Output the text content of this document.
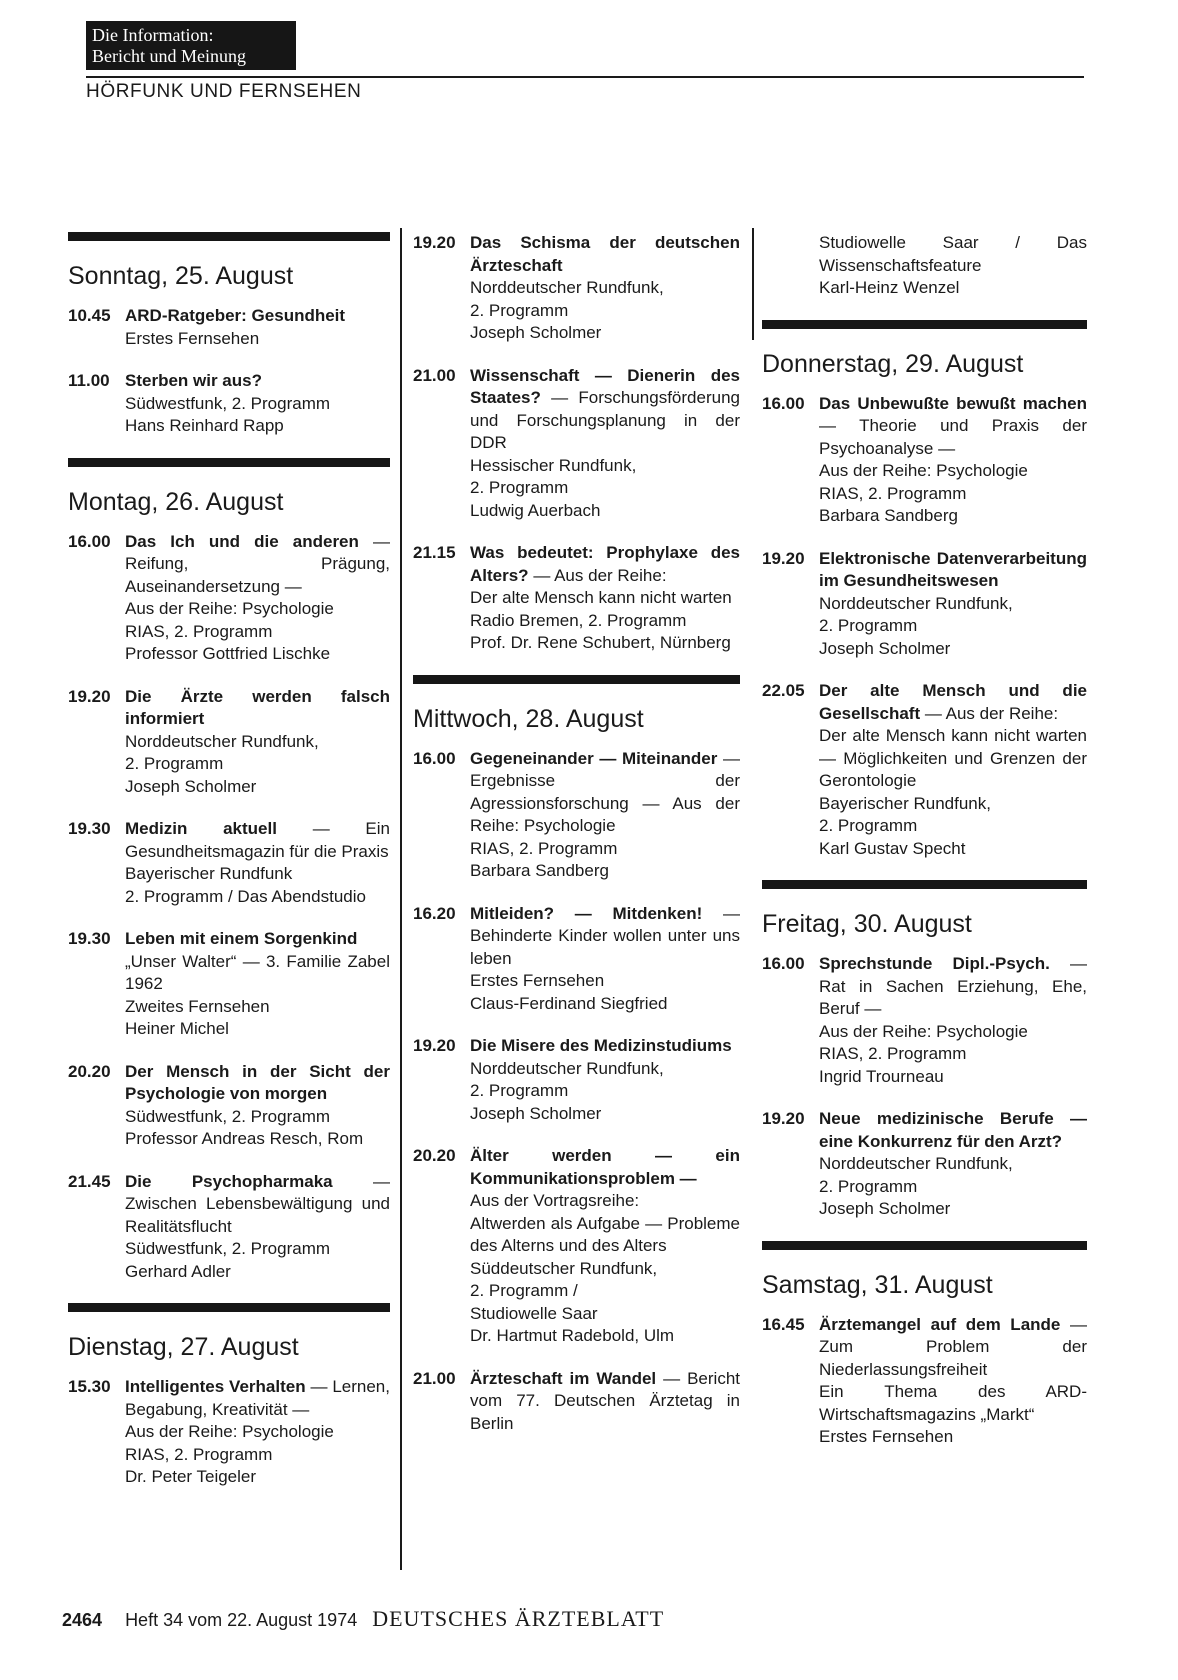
Die Information:
Bericht und Meinung
HÖRFUNK UND FERNSEHEN
Sonntag, 25. August
10.45 ARD-Ratgeber: Gesundheit
Erstes Fernsehen
11.00 Sterben wir aus?
Südwestfunk, 2. Programm
Hans Reinhard Rapp
Montag, 26. August
16.00 Das Ich und die anderen — Reifung, Prägung, Auseinandersetzung —

Aus der Reihe: Psychologie
RIAS, 2. Programm
Professor Gottfried Lischke
19.20 Die Ärzte werden falsch informiert
Norddeutscher Rundfunk,
2. Programm
Joseph Scholmer
19.30 Medizin aktuell — Ein Gesundheitsmagazin für die Praxis

Bayerischer Rundfunk
2. Programm / Das Abendstudio
19.30 Leben mit einem Sorgenkind
„Unser Walter“ — 3. Familie Zabel 1962
Zweites Fernsehen
Heiner Michel
20.20 Der Mensch in der Sicht der Psychologie von morgen
Südwestfunk, 2. Programm
Professor Andreas Resch, Rom
21.45 Die Psychopharmaka — Zwischen Lebensbewältigung und Realitätsflucht

Südwestfunk, 2. Programm
Gerhard Adler
Dienstag, 27. August
15.30 Intelligentes Verhalten — Lernen, Begabung, Kreativität —

Aus der Reihe: Psychologie
RIAS, 2. Programm
Dr. Peter Teigeler
19.20 Das Schisma der deutschen Ärzteschaft
Norddeutscher Rundfunk,
2. Programm
Joseph Scholmer
21.00 Wissenschaft — Dienerin des Staates? — Forschungsförderung und Forschungsplanung in der DDR

Hessischer Rundfunk,
2. Programm
Ludwig Auerbach
21.15 Was bedeutet: Prophylaxe des Alters? — Aus der Reihe:

Der alte Mensch kann nicht warten
Radio Bremen, 2. Programm
Prof. Dr. Rene Schubert, Nürnberg
Mittwoch, 28. August
16.00 Gegeneinander — Miteinander — Ergebnisse der Agressionsforschung — Aus der Reihe: Psychologie

RIAS, 2. Programm
Barbara Sandberg
16.20 Mitleiden? — Mitdenken! — Behinderte Kinder wollen unter uns leben

Erstes Fernsehen
Claus-Ferdinand Siegfried
19.20 Die Misere des Medizinstudiums
Norddeutscher Rundfunk,
2. Programm
Joseph Scholmer
20.20 Älter werden — ein Kommunikationsproblem —
Aus der Vortragsreihe:
Altwerden als Aufgabe — Probleme des Alterns und des Alters
Süddeutscher Rundfunk,
2. Programm /
Studiowelle Saar
Dr. Hartmut Radebold, Ulm
21.00 Ärzteschaft im Wandel — Bericht vom 77. Deutschen Ärztetag in Berlin

Studiowelle Saar / Das Wissenschaftsfeature
Karl-Heinz Wenzel
Donnerstag, 29. August
16.00 Das Unbewußte bewußt machen — Theorie und Praxis der Psychoanalyse —

Aus der Reihe: Psychologie
RIAS, 2. Programm
Barbara Sandberg
19.20 Elektronische Datenverarbeitung im Gesundheitswesen
Norddeutscher Rundfunk,
2. Programm
Joseph Scholmer
22.05 Der alte Mensch und die Gesellschaft — Aus der Reihe:

Der alte Mensch kann nicht warten — Möglichkeiten und Grenzen der Gerontologie
Bayerischer Rundfunk,
2. Programm
Karl Gustav Specht
Freitag, 30. August
16.00 Sprechstunde Dipl.-Psych. — Rat in Sachen Erziehung, Ehe, Beruf —

Aus der Reihe: Psychologie
RIAS, 2. Programm
Ingrid Trourneau
19.20 Neue medizinische Berufe — eine Konkurrenz für den Arzt?
Norddeutscher Rundfunk,
2. Programm
Joseph Scholmer
Samstag, 31. August
16.45 Ärztemangel auf dem Lande — Zum Problem der Niederlassungsfreiheit

Ein Thema des ARD-Wirtschaftsmagazins „Markt“
Erstes Fernsehen
2464 Heft 34 vom 22. August 1974 DEUTSCHES ÄRZTEBLATT
